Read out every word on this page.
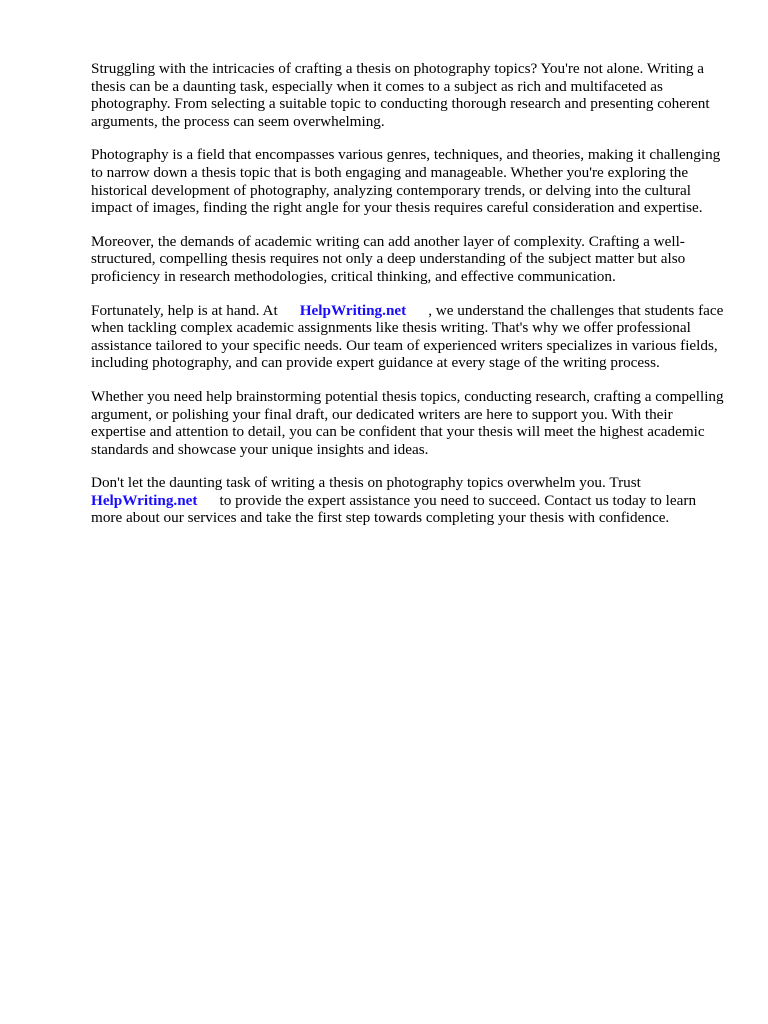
Struggling with the intricacies of crafting a thesis on photography topics? You're not alone. Writing a thesis can be a daunting task, especially when it comes to a subject as rich and multifaceted as photography. From selecting a suitable topic to conducting thorough research and presenting coherent arguments, the process can seem overwhelming.

Photography is a field that encompasses various genres, techniques, and theories, making it challenging to narrow down a thesis topic that is both engaging and manageable. Whether you're exploring the historical development of photography, analyzing contemporary trends, or delving into the cultural impact of images, finding the right angle for your thesis requires careful consideration and expertise.

Moreover, the demands of academic writing can add another layer of complexity. Crafting a well-structured, compelling thesis requires not only a deep understanding of the subject matter but also proficiency in research methodologies, critical thinking, and effective communication.

Fortunately, help is at hand. At HelpWriting.net , we understand the challenges that students face when tackling complex academic assignments like thesis writing. That's why we offer professional assistance tailored to your specific needs. Our team of experienced writers specializes in various fields, including photography, and can provide expert guidance at every stage of the writing process.

Whether you need help brainstorming potential thesis topics, conducting research, crafting a compelling argument, or polishing your final draft, our dedicated writers are here to support you. With their expertise and attention to detail, you can be confident that your thesis will meet the highest academic standards and showcase your unique insights and ideas.

Don't let the daunting task of writing a thesis on photography topics overwhelm you. Trust
HelpWriting.net to provide the expert assistance you need to succeed. Contact us today to learn more about our services and take the first step towards completing your thesis with confidence.
